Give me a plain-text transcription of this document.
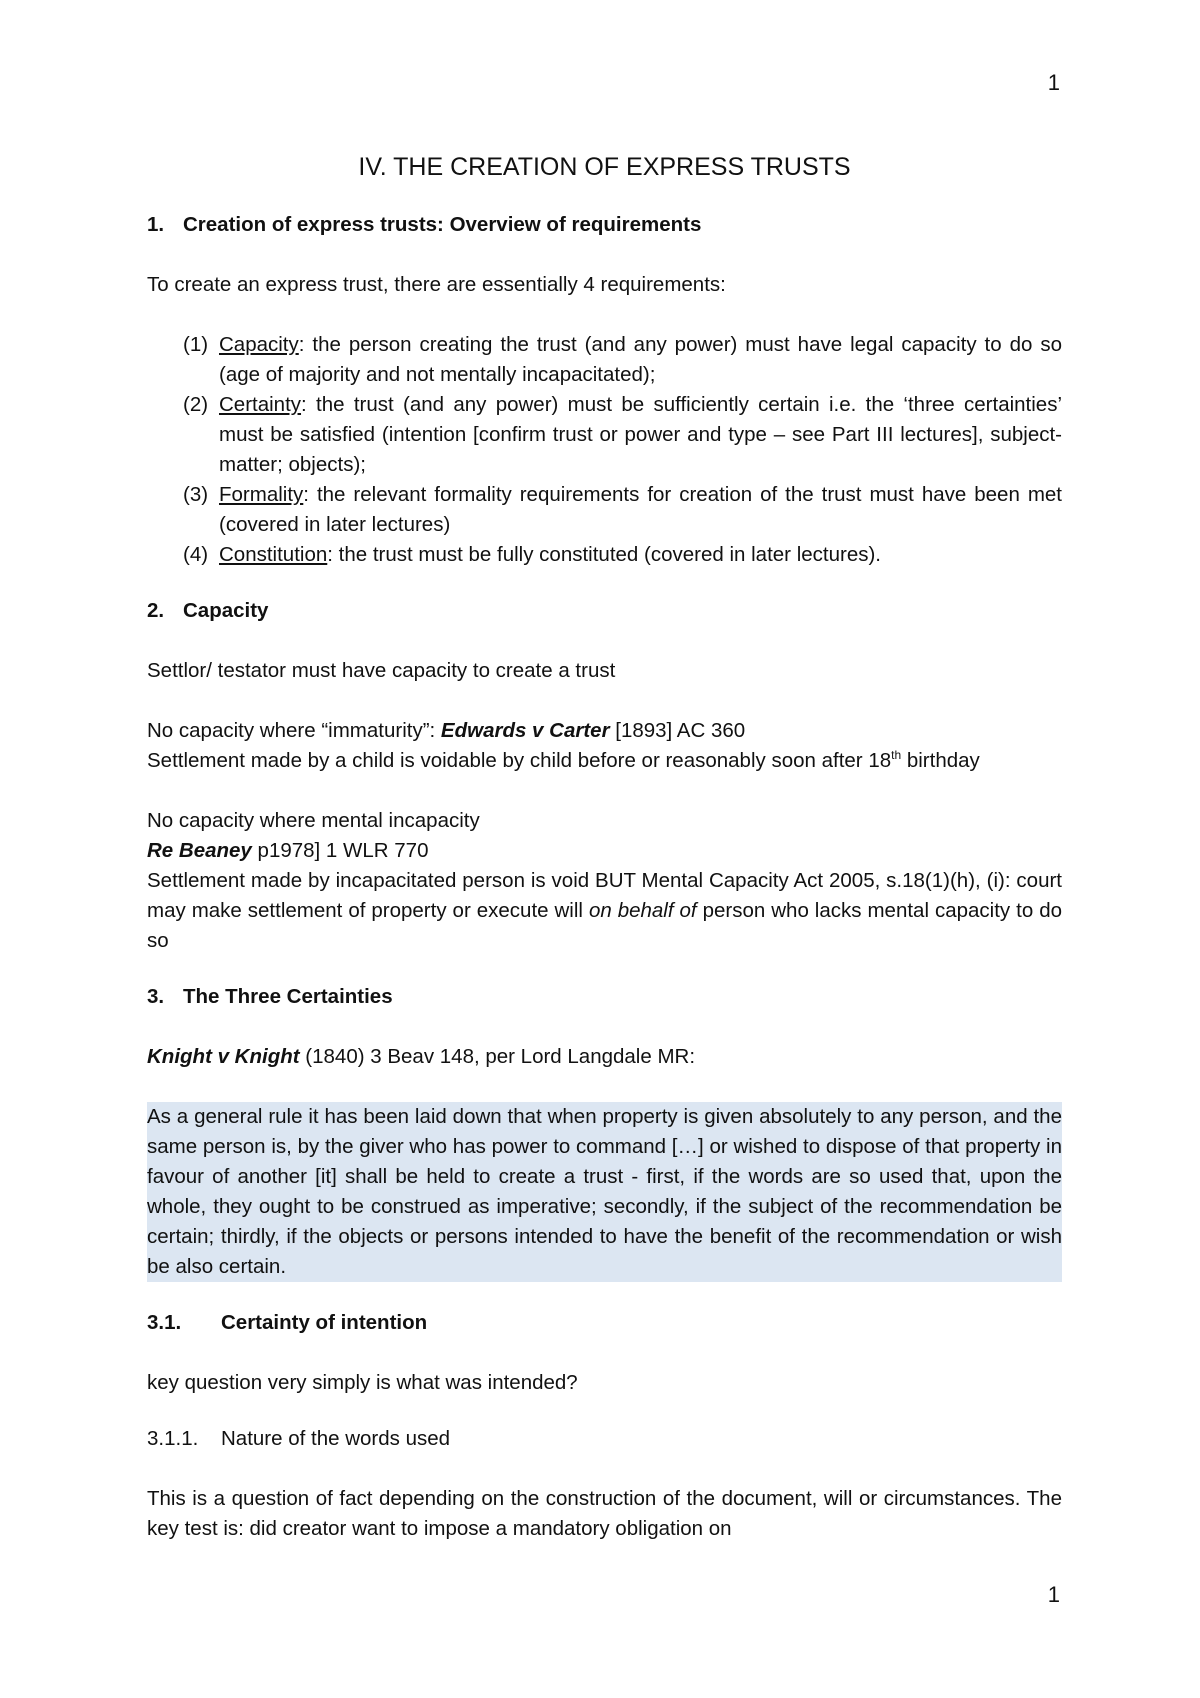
1
IV. THE CREATION OF EXPRESS TRUSTS
1. Creation of express trusts: Overview of requirements

To create an express trust, there are essentially 4 requirements:

(1) Capacity: the person creating the trust (and any power) must have legal capacity to do so (age of majority and not mentally incapacitated);
(2) Certainty: the trust (and any power) must be sufficiently certain i.e. the ‘three certainties’ must be satisfied (intention [confirm trust or power and type – see Part III lectures], subject-matter; objects);
(3) Formality: the relevant formality requirements for creation of the trust must have been met (covered in later lectures)
(4) Constitution: the trust must be fully constituted (covered in later lectures).
2. Capacity

Settlor/ testator must have capacity to create a trust

No capacity where “immaturity”: Edwards v Carter [1893] AC 360

Settlement made by a child is voidable by child before or reasonably soon after 18th birthday

No capacity where mental incapacity

Re Beaney p1978] 1 WLR 770

Settlement made by incapacitated person is void BUT Mental Capacity Act 2005, s.18(1)(h), (i): court may make settlement of property or execute will on behalf of person who lacks mental capacity to do so

3. The Three Certainties

Knight v Knight (1840) 3 Beav 148, per Lord Langdale MR:

As a general rule it has been laid down that when property is given absolutely to any person, and the same person is, by the giver who has power to command […] or wished to dispose of that property in favour of another [it] shall be held to create a trust - first, if the words are so used that, upon the whole, they ought to be construed as imperative; secondly, if the subject of the recommendation be certain; thirdly, if the objects or persons intended to have the benefit of the recommendation or wish be also certain.

3.1. Certainty of intention

key question very simply is what was intended?

3.1.1. Nature of the words used

This is a question of fact depending on the construction of the document, will or circumstances. The key test is: did creator want to impose a mandatory obligation on

1
